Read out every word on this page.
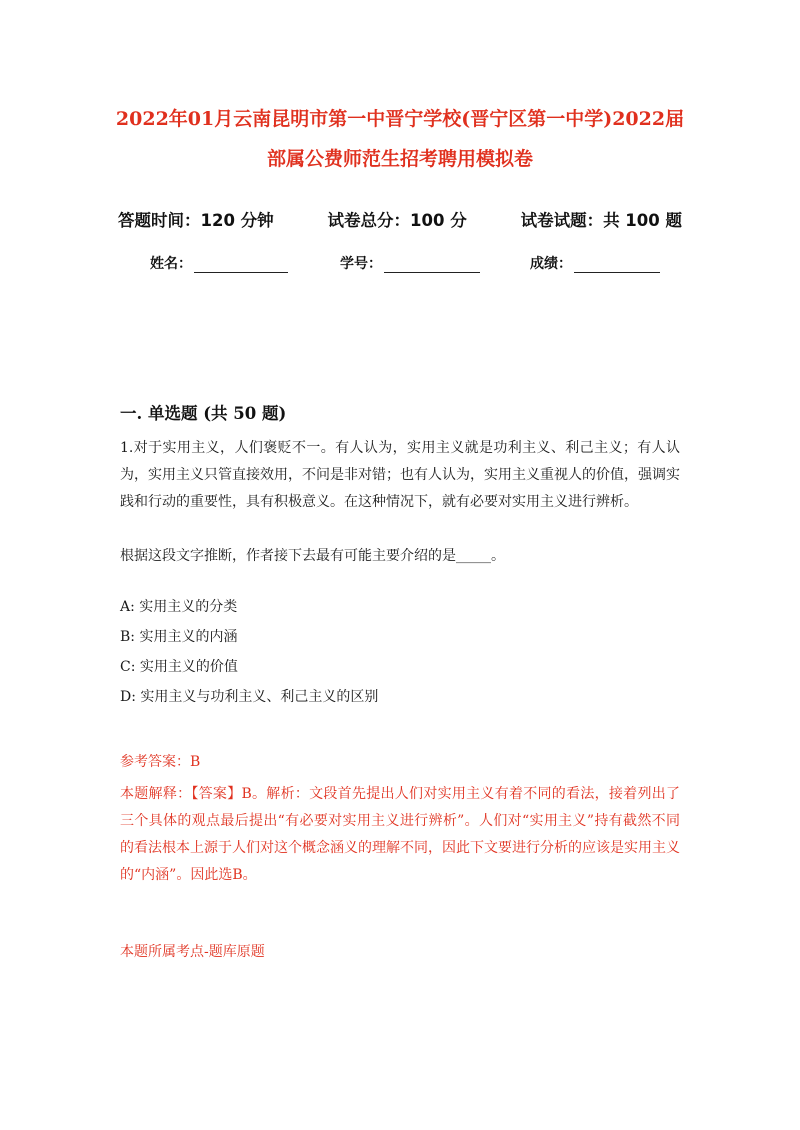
2022年01月云南昆明市第一中晋宁学校(晋宁区第一中学)2022届
部属公费师范生招考聘用模拟卷
答题时间：120 分钟	试卷总分：100 分	试卷试题：共 100 题
姓名：	学号：	成绩：
一. 单选题 (共 50 题)
1.对于实用主义，人们褒贬不一。有人认为，实用主义就是功利主义、利己主义；有人认为，实用主义只管直接效用，不问是非对错；也有人认为，实用主义重视人的价值，强调实践和行动的重要性，具有积极意义。在这种情况下，就有必要对实用主义进行辨析。
根据这段文字推断，作者接下去最有可能主要介绍的是_____。
A: 实用主义的分类
B: 实用主义的内涵
C: 实用主义的价值
D: 实用主义与功利主义、利己主义的区别
参考答案：B
本题解释：【答案】B。解析：文段首先提出人们对实用主义有着不同的看法，接着列出了三个具体的观点最后提出“有必要对实用主义进行辨析”。人们对“实用主义”持有截然不同的看法根本上源于人们对这个概念涵义的理解不同，因此下文要进行分析的应该是实用主义的“内涵”。因此选B。
本题所属考点-题库原题
